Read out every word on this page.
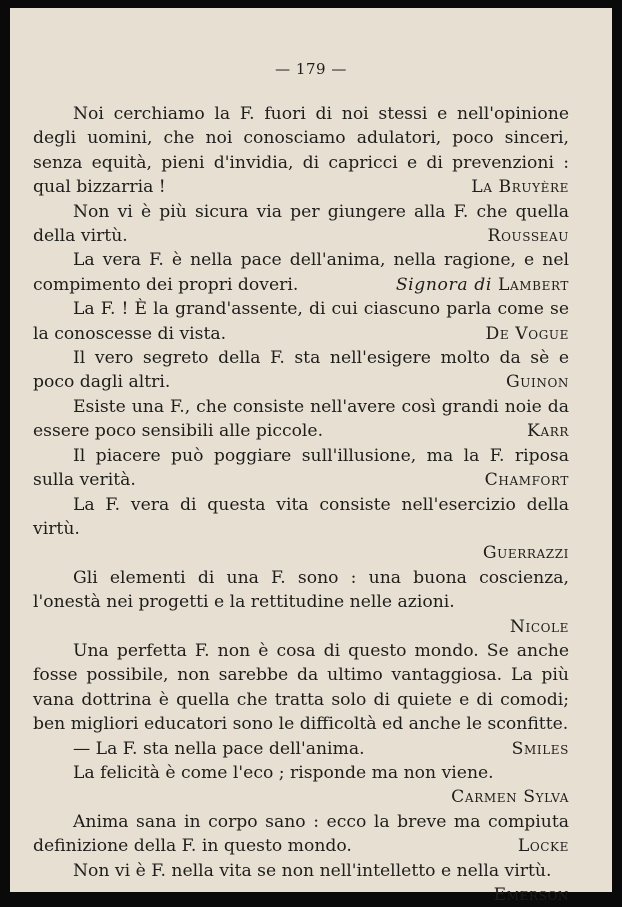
— 179 —

Noi cerchiamo la F. fuori di noi stessi e nell'opinione degli uomini, che noi conosciamo adulatori, poco sinceri, senza equità, pieni d'invidia, di capricci e di prevenzioni : qual bizzarria !	La Bruyère

Non vi è più sicura via per giungere alla F. che quella della virtù.	Rousseau

La vera F. è nella pace dell'anima, nella ragione, e nel compimento dei propri doveri.	Signora di Lambert

La F. ! È la grand'assente, di cui ciascuno parla come se la conoscesse di vista.	De Vogue

Il vero segreto della F. sta nell'esigere molto da sè e poco dagli altri.	Guinon

Esiste una F., che consiste nell'avere così grandi noie da essere poco sensibili alle piccole.	Karr

Il piacere può poggiare sull'illusione, ma la F. riposa sulla verità.	Chamfort

La F. vera di questa vita consiste nell'esercizio della virtù.

Guerrazzi

Gli elementi di una F. sono : una buona coscienza, l'onestà nei progetti e la rettitudine nelle azioni.
Nicole

Una perfetta F. non è cosa di questo mondo. Se anche fosse possibile, non sarebbe da ultimo vantaggiosa. La più vana dottrina è quella che tratta solo di quiete e di comodi; ben migliori educatori sono le difficoltà ed anche le sconfitte.

— La F. sta nella pace dell'anima.	Smiles

La felicità è come l'eco ; risponde ma non viene.

Carmen Sylva

Anima sana in corpo sano : ecco la breve ma compiuta definizione della F. in questo mondo.	Locke

Non vi è F. nella vita se non nell'intelletto e nella virtù.

Emerson
